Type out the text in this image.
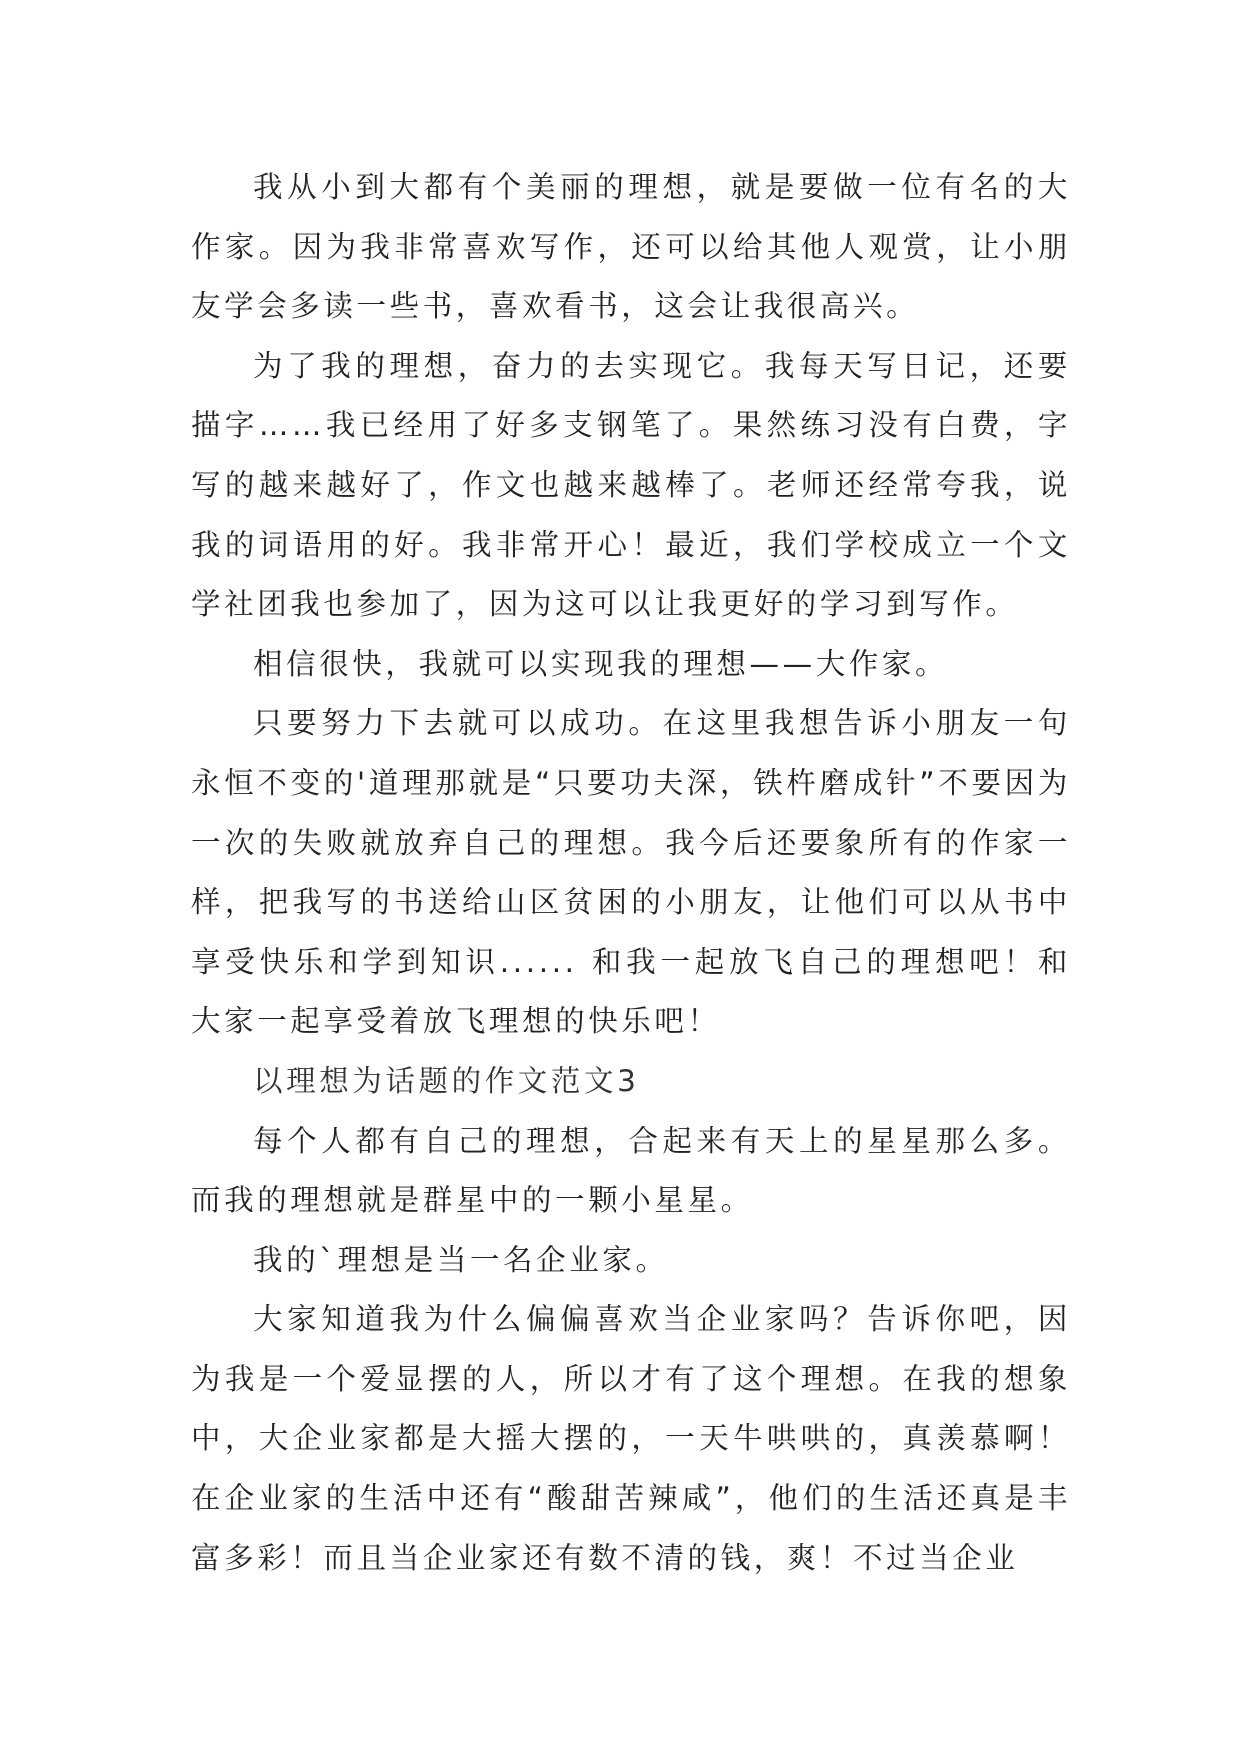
我从小到大都有个美丽的理想，就是要做一位有名的大作家。因为我非常喜欢写作，还可以给其他人观赏，让小朋友学会多读一些书，喜欢看书，这会让我很高兴。

为了我的理想，奋力的去实现它。我每天写日记，还要描字……我已经用了好多支钢笔了。果然练习没有白费，字写的越来越好了，作文也越来越棒了。老师还经常夸我，说我的词语用的好。我非常开心！最近，我们学校成立一个文学社团我也参加了，因为这可以让我更好的学习到写作。

相信很快，我就可以实现我的理想——大作家。

只要努力下去就可以成功。在这里我想告诉小朋友一句永恒不变的'道理那就是“只要功夫深，铁杵磨成针”不要因为一次的失败就放弃自己的理想。我今后还要象所有的作家一样，把我写的书送给山区贫困的小朋友，让他们可以从书中享受快乐和学到知识...... 和我一起放飞自己的理想吧！和大家一起享受着放飞理想的快乐吧！

以理想为话题的作文范文3

每个人都有自己的理想，合起来有天上的星星那么多。而我的理想就是群星中的一颗小星星。

我的`理想是当一名企业家。

大家知道我为什么偏偏喜欢当企业家吗？告诉你吧，因为我是一个爱显摆的人，所以才有了这个理想。在我的想象中，大企业家都是大摇大摆的，一天牛哄哄的，真羡慕啊！在企业家的生活中还有“酸甜苦辣咸”，他们的生活还真是丰富多彩！而且当企业家还有数不清的钱，爽！不过当企业
